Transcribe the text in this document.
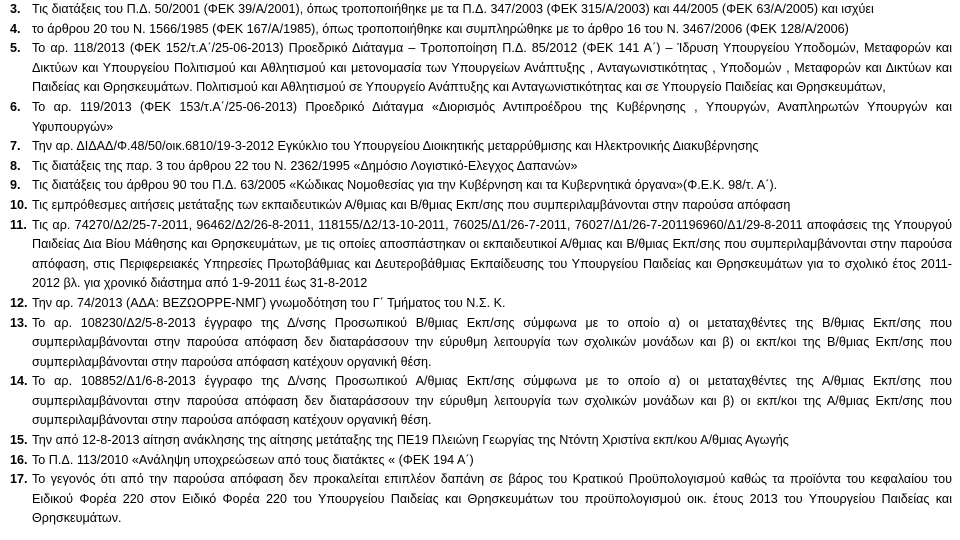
3. Τις διατάξεις του Π.Δ. 50/2001 (ΦΕΚ 39/Α/2001), όπως τροποποιήθηκε με τα Π.Δ. 347/2003 (ΦΕΚ 315/Α/2003) και 44/2005 (ΦΕΚ 63/Α/2005) και ισχύει
4. το άρθρου 20 του Ν. 1566/1985 (ΦΕΚ 167/Α/1985), όπως τροποποιήθηκε και συμπληρώθηκε με το άρθρο 16 του Ν. 3467/2006 (ΦΕΚ 128/Α/2006)
5. Το αρ. 118/2013 (ΦΕΚ 152/τ.Α΄/25-06-2013) Προεδρικό Διάταγμα – Τροποποίηση Π.Δ. 85/2012 (ΦΕΚ 141 Α΄) – Ίδρυση Υπουργείου Υποδομών, Μεταφορών και Δικτύων και Υπουργείου Πολιτισμού και Αθλητισμού και μετονομασία των Υπουργείων Ανάπτυξης , Ανταγωνιστικότητας , Υποδομών , Μεταφορών και Δικτύων και Παιδείας και Θρησκευμάτων. Πολιτισμού και Αθλητισμού σε Υπουργείο Ανάπτυξης και Ανταγωνιστικότητας και σε Υπουργείο Παιδείας και Θρησκευμάτων,
6. Το αρ. 119/2013 (ΦΕΚ 153/τ.Α΄/25-06-2013) Προεδρικό Διάταγμα «Διορισμός Αντιπροέδρου της Κυβέρνησης , Υπουργών, Αναπληρωτών Υπουργών και Υφυπουργών»
7. Την αρ. ΔΙΔΑΔ/Φ.48/50/οικ.6810/19-3-2012 Εγκύκλιο του Υπουργείου Διοικητικής μεταρρύθμισης και Ηλεκτρονικής Διακυβέρνησης
8. Τις διατάξεις της παρ. 3 του άρθρου 22 του Ν. 2362/1995 «Δημόσιο Λογιστικό-Ελεγχος Δαπανών»
9. Τις διατάξεις του άρθρου 90 του Π.Δ. 63/2005 «Κώδικας Νομοθεσίας για την Κυβέρνηση και τα Κυβερνητικά όργανα»(Φ.Ε.Κ. 98/τ. Α΄).
10. Τις εμπρόθεσμες αιτήσεις μετάταξης των εκπαιδευτικών Α/θμιας και Β/θμιας Εκπ/σης που συμπεριλαμβάνονται στην παρούσα απόφαση
11. Τις αρ. 74270/Δ2/25-7-2011, 96462/Δ2/26-8-2011, 118155/Δ2/13-10-2011, 76025/Δ1/26-7-2011, 76027/Δ1/26-7-201196960/Δ1/29-8-2011 αποφάσεις της Υπουργού Παιδείας Δια Βίου Μάθησης και Θρησκευμάτων, με τις οποίες αποσπάστηκαν οι εκπαιδευτικοί Α/θμιας και Β/θμιας Εκπ/σης που συμπεριλαμβάνονται στην παρούσα απόφαση, στις Περιφερειακές Υπηρεσίες Πρωτοβάθμιας και Δευτεροβάθμιας Εκπαίδευσης του Υπουργείου Παιδείας και Θρησκευμάτων για το σχολικό έτος 2011-2012 βλ. για χρονικό διάστημα από 1-9-2011 έως 31-8-2012
12. Την αρ. 74/2013 (ΑΔΑ: ΒΕΖΩΟΡΡΕ-ΝΜΓ) γνωμοδότηση του Γ΄ Τμήματος του Ν.Σ. Κ.
13. Το αρ. 108230/Δ2/5-8-2013 έγγραφο της Δ/νσης Προσωπικού Β/θμιας Εκπ/σης σύμφωνα με το οποίο α) οι μεταταχθέντες της Β/θμιας Εκπ/σης που συμπεριλαμβάνονται στην παρούσα απόφαση δεν διαταράσσουν την εύρυθμη λειτουργία των σχολικών μονάδων και β) οι εκπ/κοι της Β/θμιας Εκπ/σης που συμπεριλαμβάνονται στην παρούσα απόφαση κατέχουν οργανική θέση.
14. Το αρ. 108852/Δ1/6-8-2013 έγγραφο της Δ/νσης Προσωπικού Α/θμιας Εκπ/σης σύμφωνα με το οποίο α) οι μεταταχθέντες της Α/θμιας Εκπ/σης που συμπεριλαμβάνονται στην παρούσα απόφαση δεν διαταράσσουν την εύρυθμη λειτουργία των σχολικών μονάδων και β) οι εκπ/κοι της Α/θμιας Εκπ/σης που συμπεριλαμβάνονται στην παρούσα απόφαση κατέχουν οργανική θέση.
15. Την από 12-8-2013 αίτηση ανάκλησης της αίτησης μετάταξης της ΠΕ19 Πλειώνη Γεωργίας της Ντόντη Χριστίνα εκπ/κου Α/θμιας Αγωγής
16. Το Π.Δ. 113/2010 «Ανάληψη υποχρεώσεων από τους διατάκτες « (ΦΕΚ 194 Α΄)
17. Το γεγονός ότι από την παρούσα απόφαση δεν προκαλείται επιπλέον δαπάνη σε βάρος του Κρατικού Προϋπολογισμού καθώς τα προϊόντα του κεφαλαίου του Ειδικού Φορέα 220 στον Ειδικό Φορέα 220 του Υπουργείου Παιδείας και Θρησκευμάτων του προϋπολογισμού οικ. έτους 2013 του Υπουργείου Παιδείας και Θρησκευμάτων.
